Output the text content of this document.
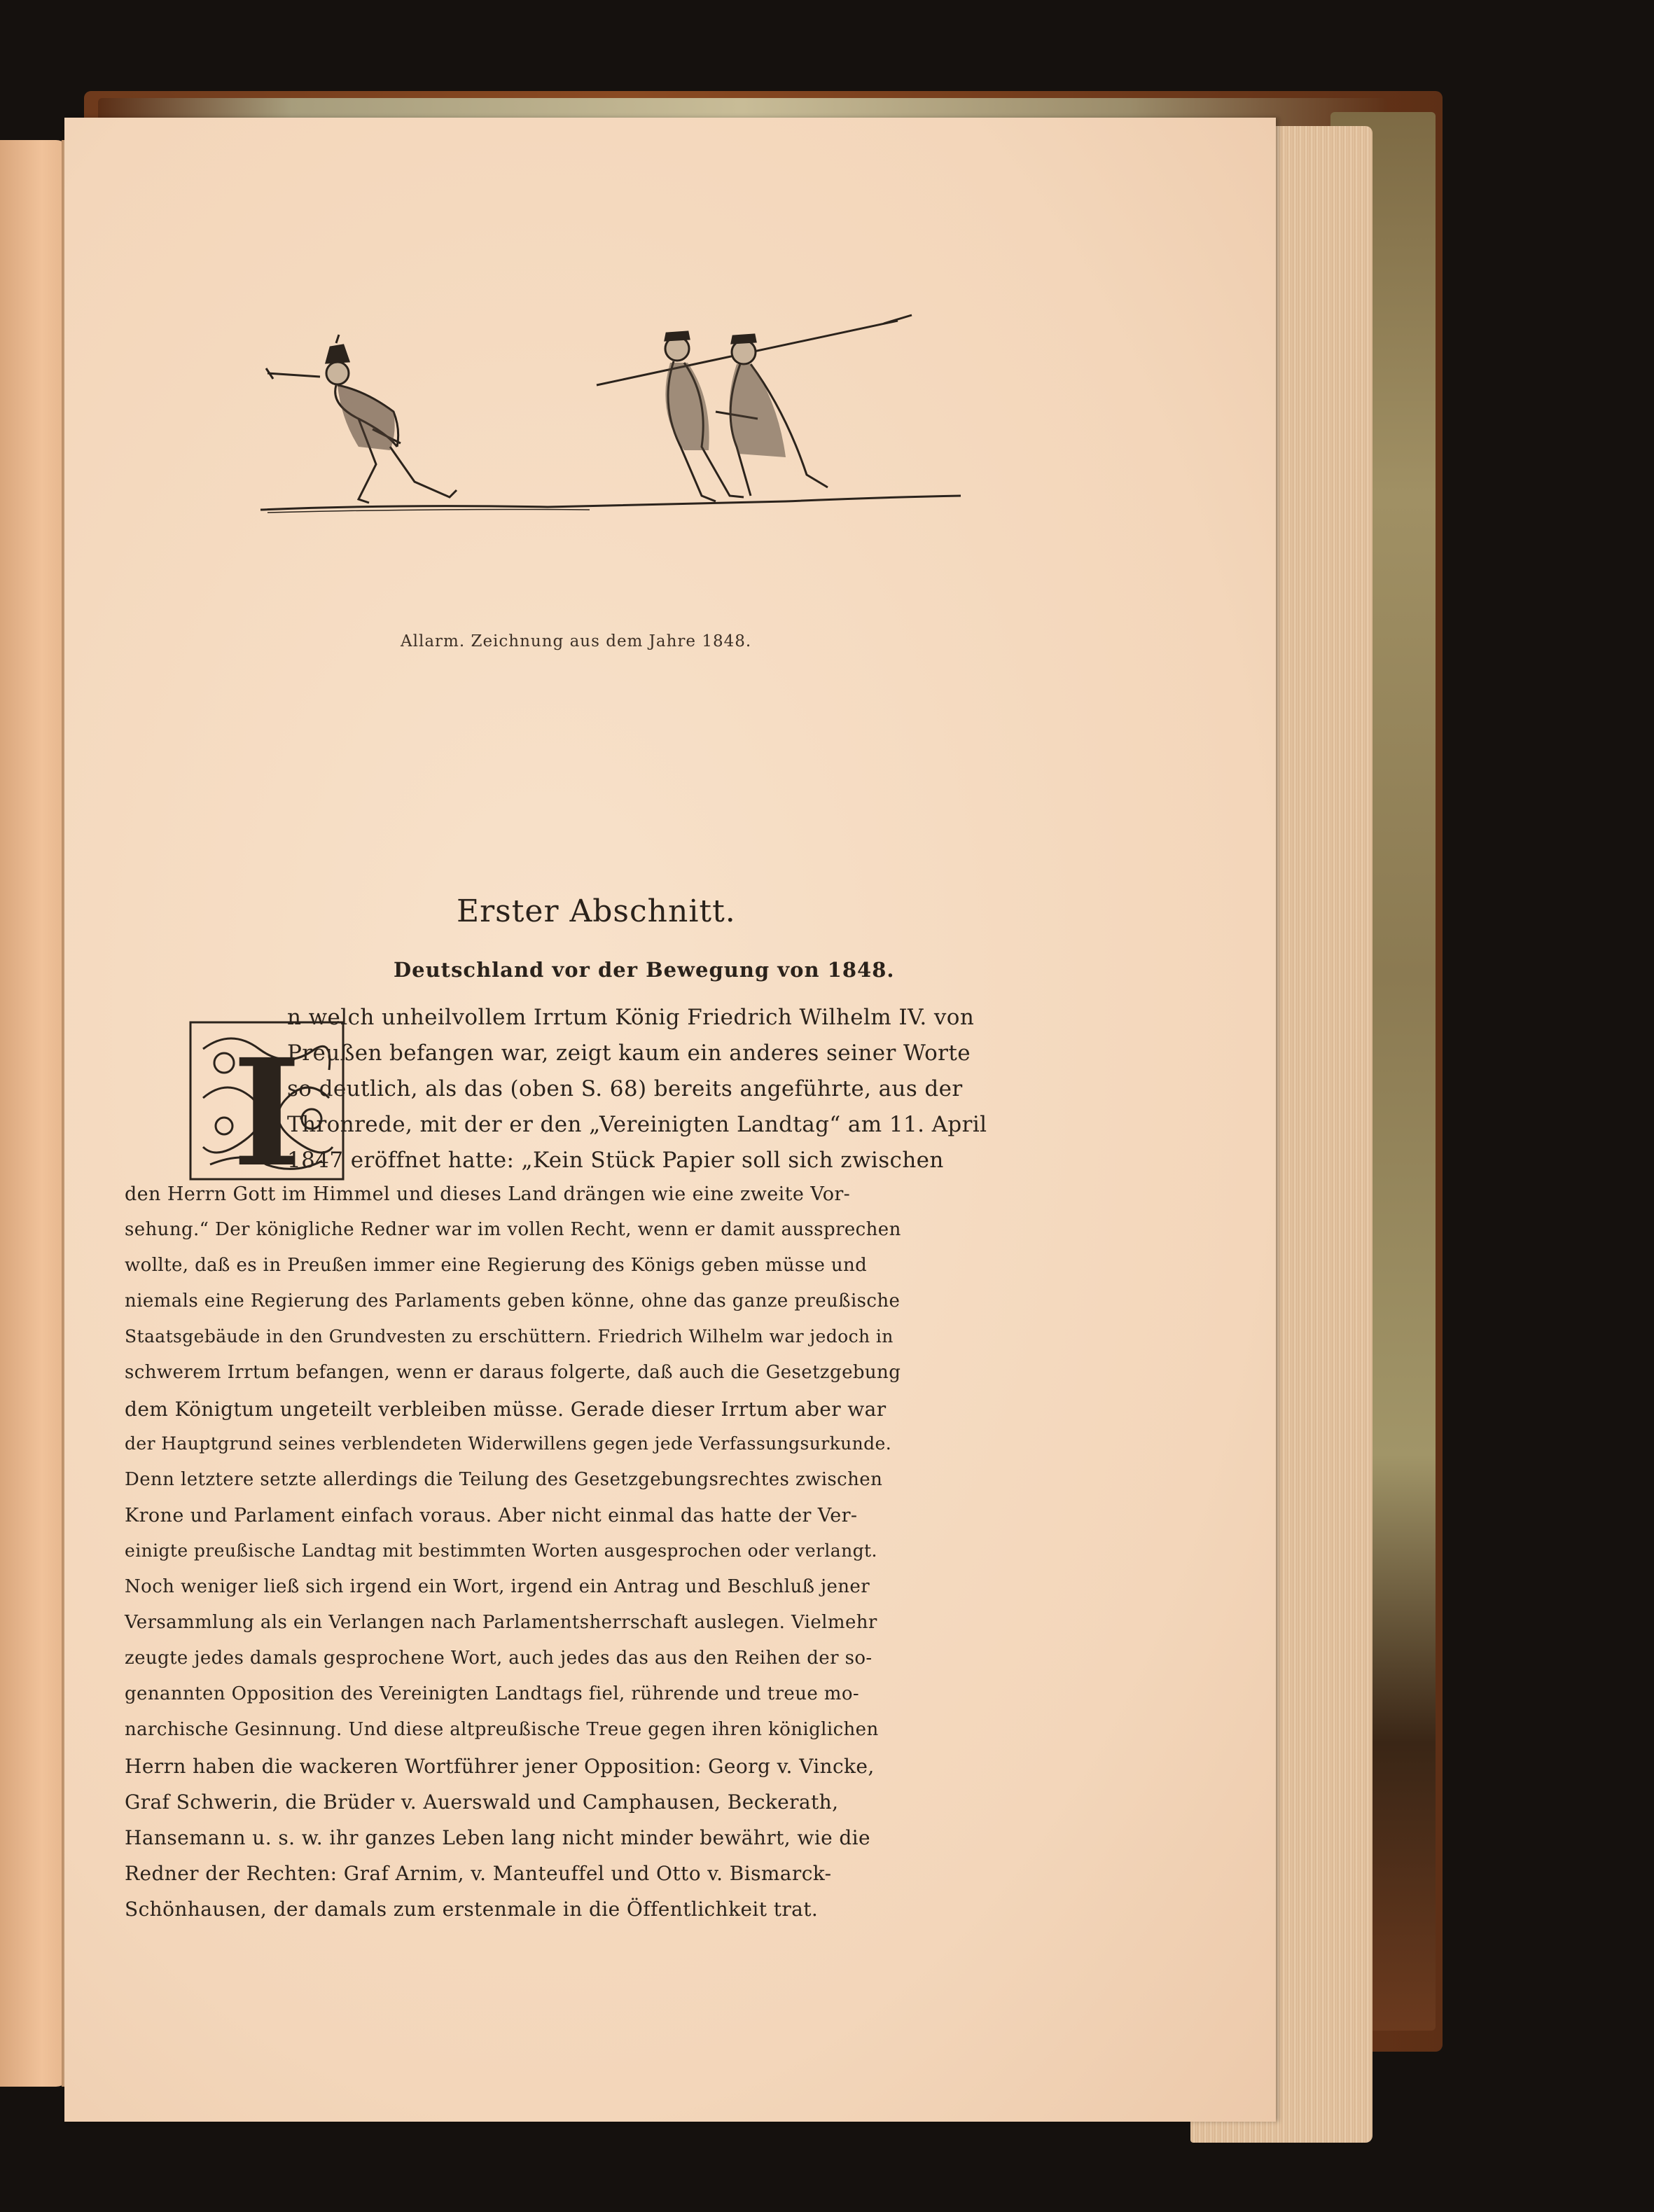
Allarm. Zeichnung aus dem Jahre 1848.
Erster Abschnitt.
Deutschland vor der Bewegung von 1848.
I
n welch unheilvollem Irrtum König Friedrich Wilhelm IV. von
Preußen befangen war, zeigt kaum ein anderes seiner Worte
so deutlich, als das (oben S. 68) bereits angeführte, aus der
Thronrede, mit der er den „Vereinigten Landtag“ am 11. April
1847 eröffnet hatte: „Kein Stück Papier soll sich zwischen
den Herrn Gott im Himmel und dieses Land drängen wie eine zweite Vor-
sehung.“ Der königliche Redner war im vollen Recht, wenn er damit aussprechen
wollte, daß es in Preußen immer eine Regierung des Königs geben müsse und
niemals eine Regierung des Parlaments geben könne, ohne das ganze preußische
Staatsgebäude in den Grundvesten zu erschüttern. Friedrich Wilhelm war jedoch in
schwerem Irrtum befangen, wenn er daraus folgerte, daß auch die Gesetzgebung
dem Königtum ungeteilt verbleiben müsse. Gerade dieser Irrtum aber war
der Hauptgrund seines verblendeten Widerwillens gegen jede Verfassungsurkunde.
Denn letztere setzte allerdings die Teilung des Gesetzgebungsrechtes zwischen
Krone und Parlament einfach voraus. Aber nicht einmal das hatte der Ver-
einigte preußische Landtag mit bestimmten Worten ausgesprochen oder verlangt.
Noch weniger ließ sich irgend ein Wort, irgend ein Antrag und Beschluß jener
Versammlung als ein Verlangen nach Parlamentsherrschaft auslegen. Vielmehr
zeugte jedes damals gesprochene Wort, auch jedes das aus den Reihen der so-
genannten Opposition des Vereinigten Landtags fiel, rührende und treue mo-
narchische Gesinnung. Und diese altpreußische Treue gegen ihren königlichen
Herrn haben die wackeren Wortführer jener Opposition: Georg v. Vincke,
Graf Schwerin, die Brüder v. Auerswald und Camphausen, Beckerath,
Hansemann u. s. w. ihr ganzes Leben lang nicht minder bewährt, wie die
Redner der Rechten: Graf Arnim, v. Manteuffel und Otto v. Bismarck-
Schönhausen, der damals zum erstenmale in die Öffentlichkeit trat.
